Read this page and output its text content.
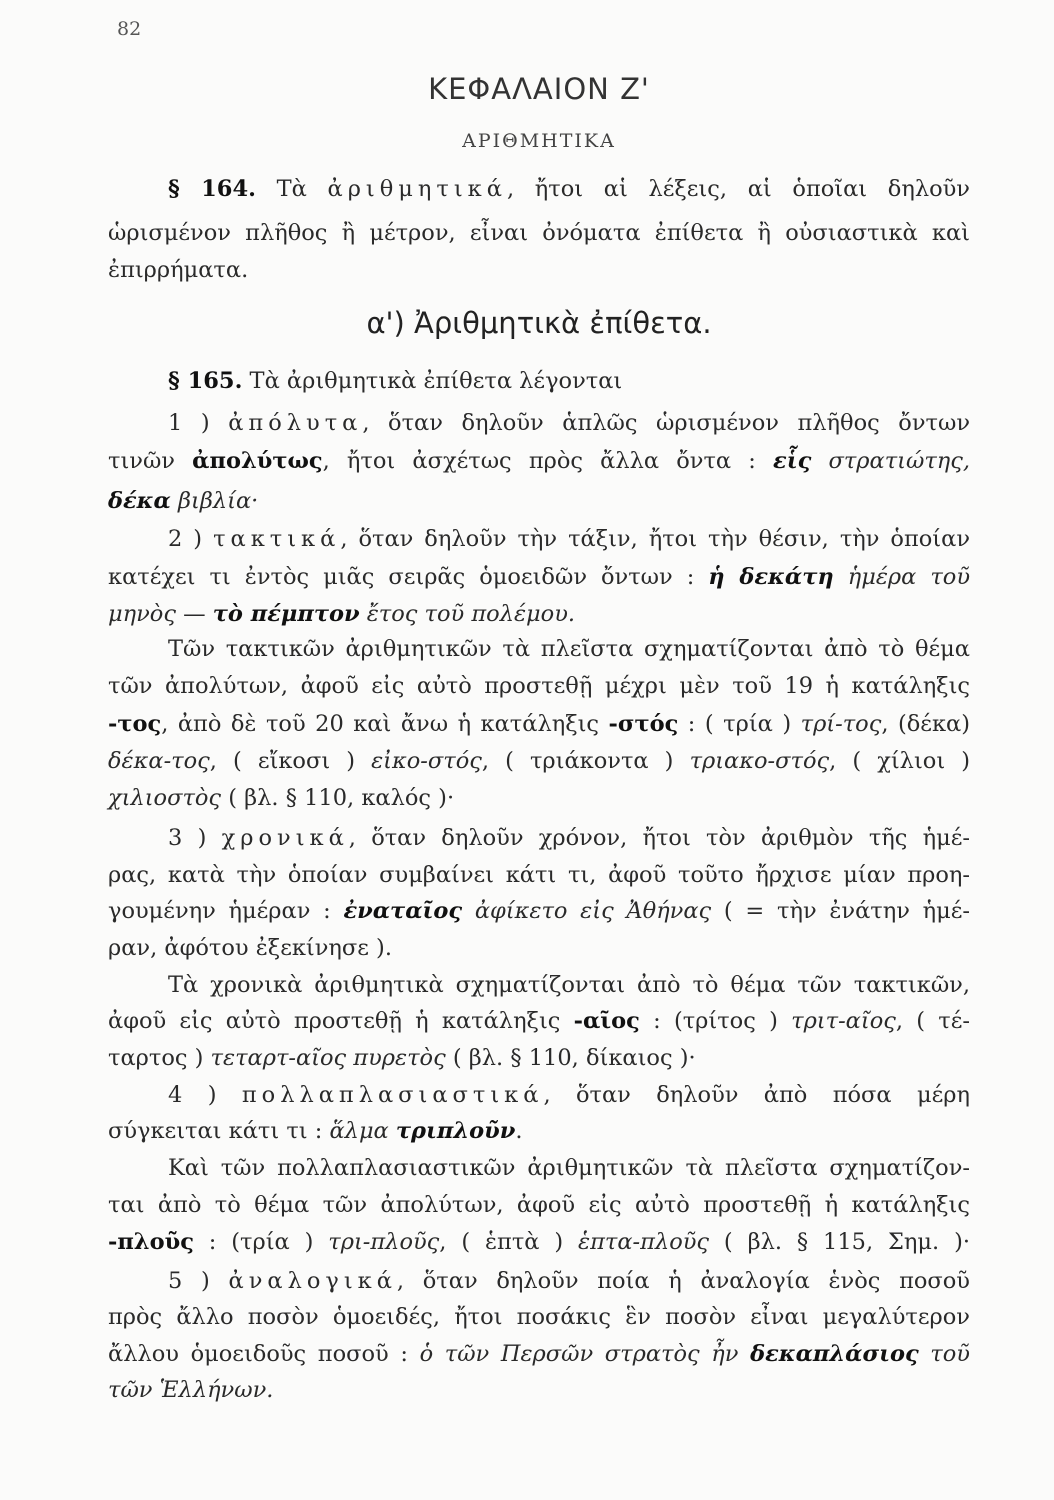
82
ΚΕΦΑΛΑΙΟΝ Ζ'
ΑΡΙΘΜΗΤΙΚΑ
§ 164. Τὰ ἀριθμητικά, ἤτοι αἱ λέξεις, αἱ ὁποῖαι δηλοῦν
ὡρισμένον πλῆθος ἢ μέτρον, εἶναι ὀνόματα ἐπίθετα ἢ οὐσιαστικὰ καὶ
ἐπιρρήματα.
α') Ἀριθμητικὰ ἐπίθετα.
§ 165. Τὰ ἀριθμητικὰ ἐπίθετα λέγονται
1 ) ἀπόλυτα, ὅταν δηλοῦν ἁπλῶς ὡρισμένον πλῆθος ὄντων
τινῶν ἀπολύτως, ἤτοι ἀσχέτως πρὸς ἄλλα ὄντα : εἷς στρατιώτης,
δέκα βιβλία·
2 ) τακτικά, ὅταν δηλοῦν τὴν τάξιν, ἤτοι τὴν θέσιν, τὴν ὁποίαν
κατέχει τι ἐντὸς μιᾶς σειρᾶς ὁμοειδῶν ὄντων : ἡ δεκάτη ἡμέρα τοῦ
μηνὸς — τὸ πέμπτον ἔτος τοῦ πολέμου.
Τῶν τακτικῶν ἀριθμητικῶν τὰ πλεῖστα σχηματίζονται ἀπὸ τὸ θέμα
τῶν ἀπολύτων, ἀφοῦ εἰς αὐτὸ προστεθῇ μέχρι μὲν τοῦ 19 ἡ κατάληξις
-τος, ἀπὸ δὲ τοῦ 20 καὶ ἄνω ἡ κατάληξις -στός : ( τρία ) τρί-τος, (δέκα)
δέκα-τος, ( εἴκοσι ) εἰκο-στός, ( τριάκοντα ) τριακο-στός, ( χίλιοι )
χιλιοστὸς ( βλ. § 110, καλός )·
3 ) χρονικά, ὅταν δηλοῦν χρόνον, ἤτοι τὸν ἀριθμὸν τῆς ἡμέ-
ρας, κατὰ τὴν ὁποίαν συμβαίνει κάτι τι, ἀφοῦ τοῦτο ἤρχισε μίαν προη-
γουμένην ἡμέραν : ἐναταῖος ἀφίκετο εἰς Ἀθήνας ( = τὴν ἐνάτην ἡμέ-
ραν, ἀφότου ἐξεκίνησε ).
Τὰ χρονικὰ ἀριθμητικὰ σχηματίζονται ἀπὸ τὸ θέμα τῶν τακτικῶν,
ἀφοῦ εἰς αὐτὸ προστεθῇ ἡ κατάληξις -αῖος : (τρίτος ) τριτ-αῖος, ( τέ-
ταρτος ) τεταρτ-αῖος πυρετὸς ( βλ. § 110, δίκαιος )·
4 ) πολλαπλασιαστικά, ὅταν δηλοῦν ἀπὸ πόσα μέρη
σύγκειται κάτι τι : ἅλμα τριπλοῦν.
Καὶ τῶν πολλαπλασιαστικῶν ἀριθμητικῶν τὰ πλεῖστα σχηματίζον-
ται ἀπὸ τὸ θέμα τῶν ἀπολύτων, ἀφοῦ εἰς αὐτὸ προστεθῇ ἡ κατάληξις
-πλοῦς : (τρία ) τρι-πλοῦς, ( ἑπτὰ ) ἑπτα-πλοῦς ( βλ. § 115, Σημ. )·
5 ) ἀναλογικά, ὅταν δηλοῦν ποία ἡ ἀναλογία ἑνὸς ποσοῦ
πρὸς ἄλλο ποσὸν ὁμοειδές, ἤτοι ποσάκις ἓν ποσὸν εἶναι μεγαλύτερον
ἄλλου ὁμοειδοῦς ποσοῦ : ὁ τῶν Περσῶν στρατὸς ἦν δεκαπλάσιος τοῦ
τῶν Ἑλλήνων.
